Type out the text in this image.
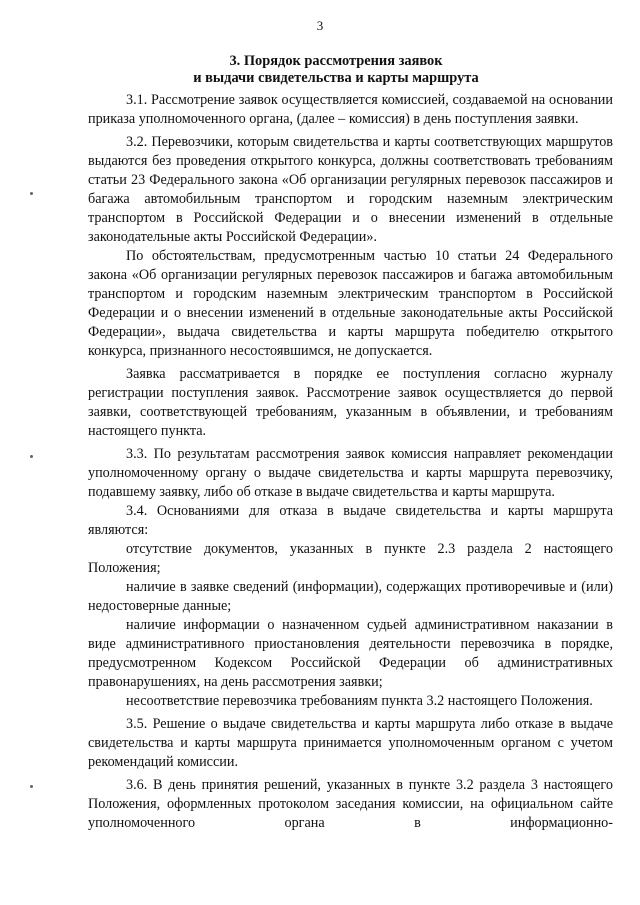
3
3. Порядок рассмотрения заявок
и выдачи свидетельства и карты маршрута

3.1. Рассмотрение заявок осуществляется комиссией, создаваемой на основании приказа уполномоченного органа, (далее – комиссия) в день поступления заявки.

3.2. Перевозчики, которым свидетельства и карты соответствующих маршрутов выдаются без проведения открытого конкурса, должны соответствовать требованиям статьи 23 Федерального закона «Об организации регулярных перевозок пассажиров и багажа автомобильным транспортом и городским наземным электрическим транспортом в Российской Федерации и о внесении изменений в отдельные законодательные акты Российской Федерации».

По обстоятельствам, предусмотренным частью 10 статьи 24 Федерального закона «Об организации регулярных перевозок пассажиров и багажа автомобильным транспортом и городским наземным электрическим транспортом в Российской Федерации и о внесении изменений в отдельные законодательные акты Российской Федерации», выдача свидетельства и карты маршрута победителю открытого конкурса, признанного несостоявшимся, не допускается.

Заявка рассматривается в порядке ее поступления согласно журналу регистрации поступления заявок. Рассмотрение заявок осуществляется до первой заявки, соответствующей требованиям, указанным в объявлении, и требованиям настоящего пункта.

3.3. По результатам рассмотрения заявок комиссия направляет рекомендации уполномоченному органу о выдаче свидетельства и карты маршрута перевозчику, подавшему заявку, либо об отказе в выдаче свидетельства и карты маршрута.

3.4. Основаниями для отказа в выдаче свидетельства и карты маршрута являются:

отсутствие документов, указанных в пункте 2.3 раздела 2 настоящего Положения;

наличие в заявке сведений (информации), содержащих противоречивые и (или) недостоверные данные;

наличие информации о назначенном судьей административном наказании в виде административного приостановления деятельности перевозчика в порядке, предусмотренном Кодексом Российской Федерации об административных правонарушениях, на день рассмотрения заявки;

несоответствие перевозчика требованиям пункта 3.2 настоящего Положения.

3.5. Решение о выдаче свидетельства и карты маршрута либо отказе в выдаче свидетельства и карты маршрута принимается уполномоченным органом с учетом рекомендаций комиссии.

3.6. В день принятия решений, указанных в пункте 3.2 раздела 3 настоящего Положения, оформленных протоколом заседания комиссии, на официальном сайте уполномоченного органа в информационно-
